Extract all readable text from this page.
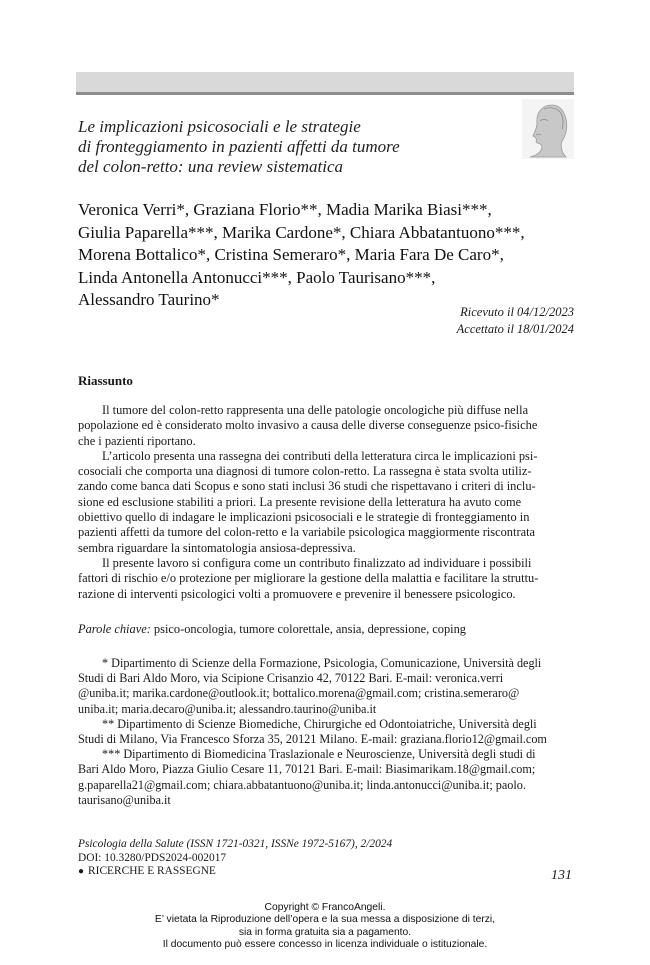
Le implicazioni psicosociali e le strategie
di fronteggiamento in pazienti affetti da tumore
del colon-retto: una review sistematica
Veronica Verri*, Graziana Florio**, Madia Marika Biasi***,
Giulia Paparella***, Marika Cardone*, Chiara Abbatantuono***,
Morena Bottalico*, Cristina Semeraro*, Maria Fara De Caro*,
Linda Antonella Antonucci***, Paolo Taurisano***,
Alessandro Taurino*
Ricevuto il 04/12/2023
Accettato il 18/01/2024
Riassunto

Il tumore del colon-retto rappresenta una delle patologie oncologiche più diffuse nella
popolazione ed è considerato molto invasivo a causa delle diverse conseguenze psico-fisiche
che i pazienti riportano.

L’articolo presenta una rassegna dei contributi della letteratura circa le implicazioni psi-
cosociali che comporta una diagnosi di tumore colon-retto. La rassegna è stata svolta utiliz-
zando come banca dati Scopus e sono stati inclusi 36 studi che rispettavano i criteri di inclu-
sione ed esclusione stabiliti a priori. La presente revisione della letteratura ha avuto come
obiettivo quello di indagare le implicazioni psicosociali e le strategie di fronteggiamento in
pazienti affetti da tumore del colon-retto e la variabile psicologica maggiormente riscontrata
sembra riguardare la sintomatologia ansiosa-depressiva.

Il presente lavoro si configura come un contributo finalizzato ad individuare i possibili
fattori di rischio e/o protezione per migliorare la gestione della malattia e facilitare la struttu-
razione di interventi psicologici volti a promuovere e prevenire il benessere psicologico.

Parole chiave: psico-oncologia, tumore colorettale, ansia, depressione, coping

* Dipartimento di Scienze della Formazione, Psicologia, Comunicazione, Università degli
Studi di Bari Aldo Moro, via Scipione Crisanzio 42, 70122 Bari. E-mail: veronica.verri
@uniba.it; marika.cardone@outlook.it; bottalico.morena@gmail.com; cristina.semeraro@
uniba.it; maria.decaro@uniba.it; alessandro.taurino@uniba.it

** Dipartimento di Scienze Biomediche, Chirurgiche ed Odontoiatriche, Università degli
Studi di Milano, Via Francesco Sforza 35, 20121 Milano. E-mail: graziana.florio12@gmail.com

*** Dipartimento di Biomedicina Traslazionale e Neuroscienze, Università degli studi di
Bari Aldo Moro, Piazza Giulio Cesare 11, 70121 Bari. E-mail: Biasimarikam.18@gmail.com;
g.paparella21@gmail.com; chiara.abbatantuono@uniba.it; linda.antonucci@uniba.it; paolo.
taurisano@uniba.it

Psicologia della Salute (ISSN 1721-0321, ISSNe 1972-5167), 2/2024
DOI: 10.3280/PDS2024-002017
● RICERCHE E RASSEGNE	131
Copyright © FrancoAngeli.
E’ vietata la Riproduzione dell’opera e la sua messa a disposizione di terzi,
sia in forma gratuita sia a pagamento.
Il documento può essere concesso in licenza individuale o istituzionale.
